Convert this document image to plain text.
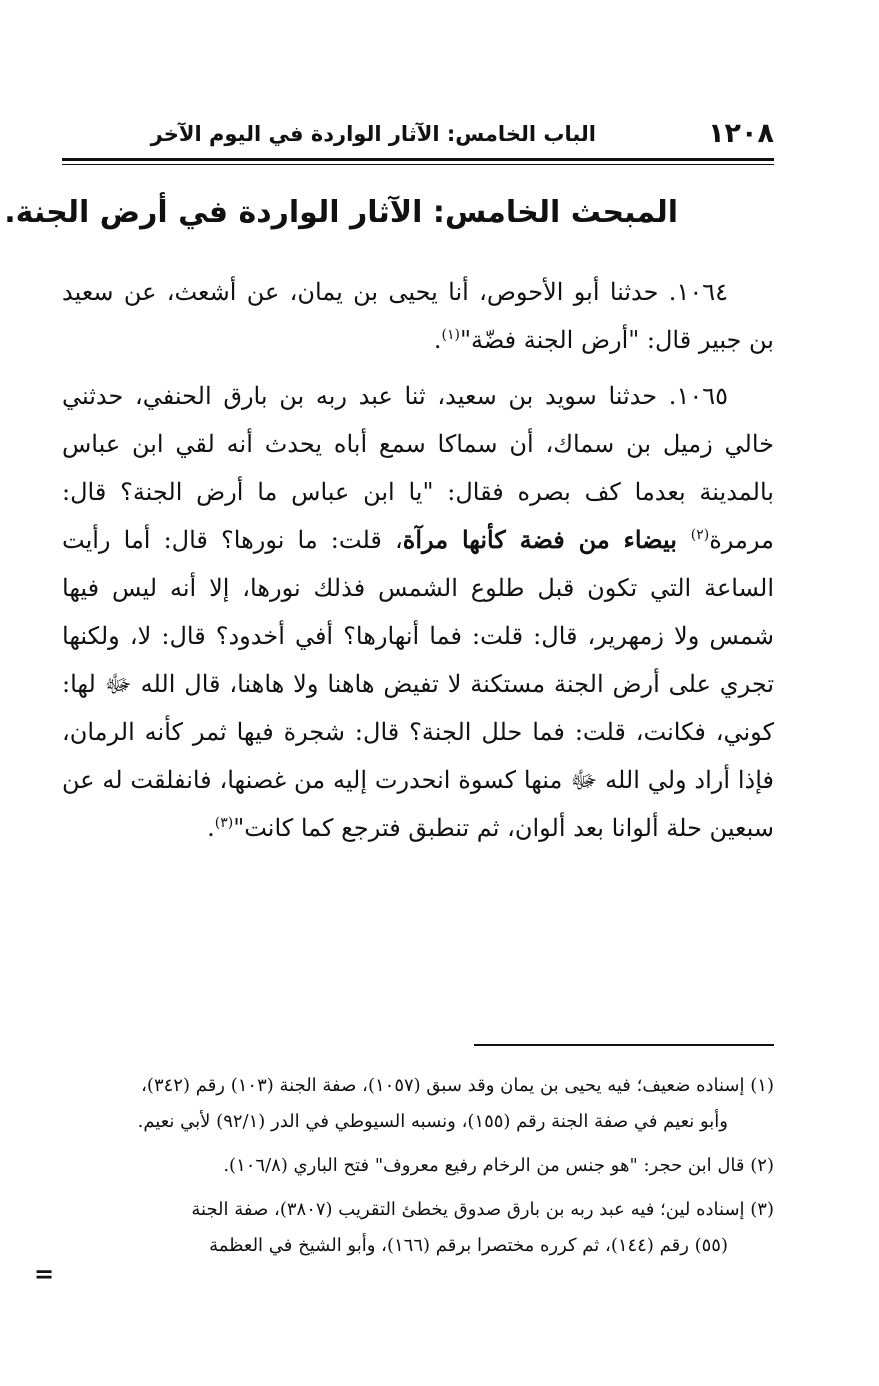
١٢٠٨
الباب الخامس: الآثار الواردة في اليوم الآخر
المبحث الخامس: الآثار الواردة في أرض الجنة.

١٠٦٤. حدثنا أبو الأحوص، أنا يحيى بن يمان، عن أشعث، عن سعيد بن جبير قال: "أرض الجنة فضّة"$^{(١)}$.

١٠٦٥. حدثنا سويد بن سعيد، ثنا عبد ربه بن بارق الحنفي، حدثني خالي زميل بن سماك، أن سماكا سمع أباه يحدث أنه لقي ابن عباس بالمدينة بعدما كف بصره فقال: "يا ابن عباس ما أرض الجنة؟ قال: مرمرة$^{(٢)}$ بيضاء من فضة كأنها مرآة، قلت: ما نورها؟ قال: أما رأيت الساعة التي تكون قبل طلوع الشمس فذلك نورها، إلا أنه ليس فيها شمس ولا زمهرير، قال: قلت: فما أنهارها؟ أفي أخدود؟ قال: لا، ولكنها تجري على أرض الجنة مستكنة لا تفيض هاهنا ولا هاهنا، قال الله ﷻ لها: كوني، فكانت، قلت: فما حلل الجنة؟ قال: شجرة فيها ثمر كأنه الرمان، فإذا أراد ولي الله ﷻ منها كسوة انحدرت إليه من غصنها، فانفلقت له عن سبعين حلة ألوانا بعد ألوان، ثم تنطبق فترجع كما كانت"$^{(٣)}$.

(١) إسناده ضعيف؛ فيه يحيى بن يمان وقد سبق (١٠٥٧)، صفة الجنة (١٠٣) رقم (٣٤٢)،
وأبو نعيم في صفة الجنة رقم (١٥٥)، ونسبه السيوطي في الدر (٩٢/١) لأبي نعيم.
(٢) قال ابن حجر: "هو جنس من الرخام رفيع معروف" فتح الباري (١٠٦/٨).
(٣) إسناده لين؛ فيه عبد ربه بن بارق صدوق يخطئ التقريب (٣٨٠٧)، صفة الجنة
(٥٥) رقم (١٤٤)، ثم كرره مختصرا برقم (١٦٦)، وأبو الشيخ في العظمة
=
